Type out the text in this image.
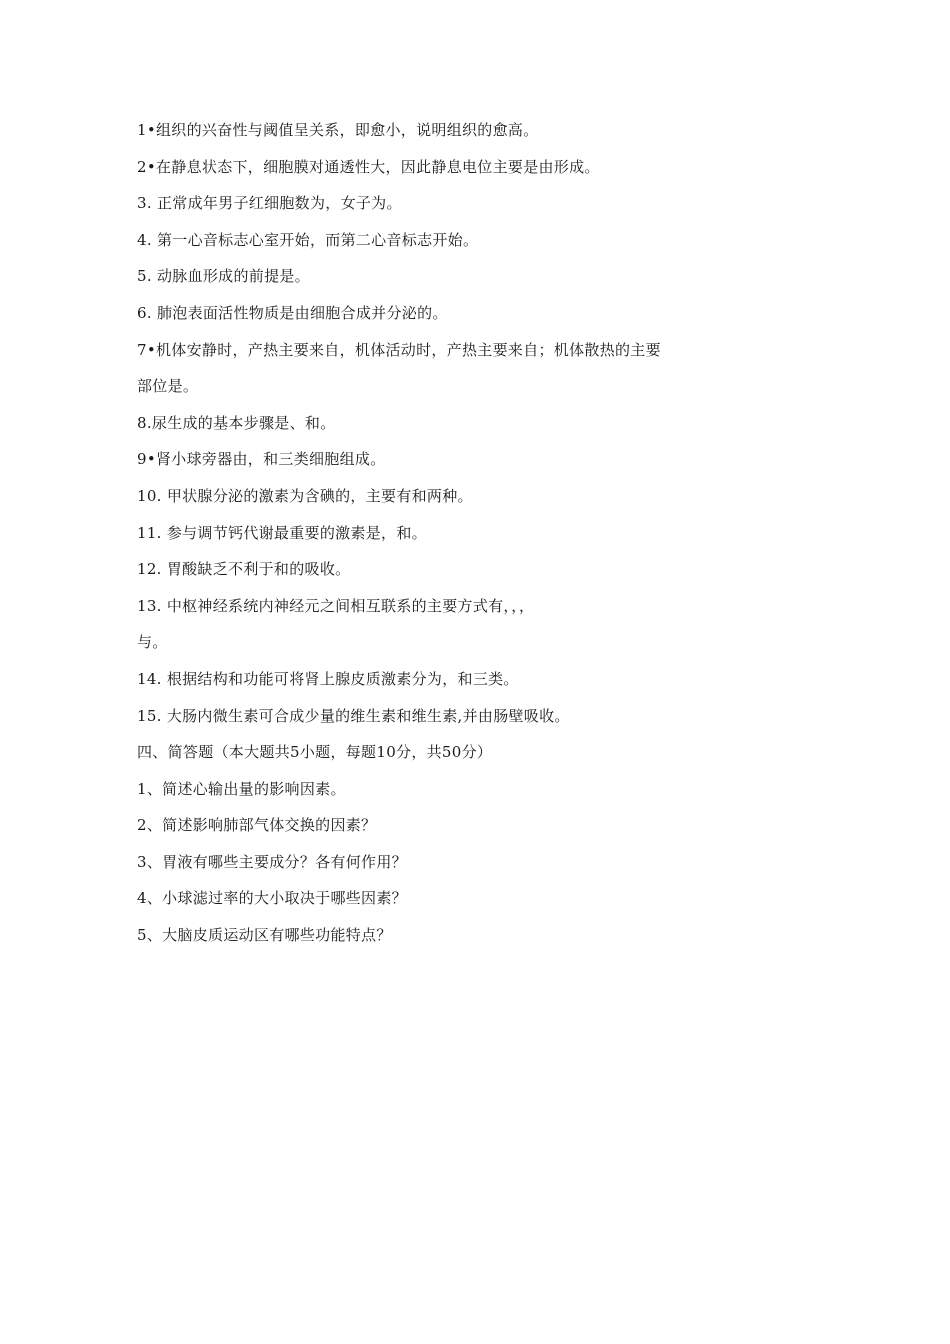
1•组织的兴奋性与阈值呈关系，即愈小，说明组织的愈高。
2•在静息状态下，细胞膜对通透性大，因此静息电位主要是由形成。
3. 正常成年男子红细胞数为，女子为。
4. 第一心音标志心室开始，而第二心音标志开始。
5. 动脉血形成的前提是。
6. 肺泡表面活性物质是由细胞合成并分泌的。
7•机体安静时，产热主要来自，机体活动时，产热主要来自；机体散热的主要
部位是。
8.尿生成的基本步骤是、和。
9•肾小球旁器由，和三类细胞组成。
10. 甲状腺分泌的激素为含碘的，主要有和两种。
11. 参与调节钙代谢最重要的激素是，和。
12. 胃酸缺乏不利于和的吸收。
13. 中枢神经系统内神经元之间相互联系的主要方式有，，，
与。
14. 根据结构和功能可将肾上腺皮质激素分为，和三类。
15. 大肠内微生素可合成少量的维生素和维生素,并由肠壁吸收。
四、简答题（本大题共5小题，每题10分，共50分）
1、简述心输出量的影响因素。
2、简述影响肺部气体交换的因素？
3、胃液有哪些主要成分？各有何作用？
4、小球滤过率的大小取决于哪些因素？
5、大脑皮质运动区有哪些功能特点？
